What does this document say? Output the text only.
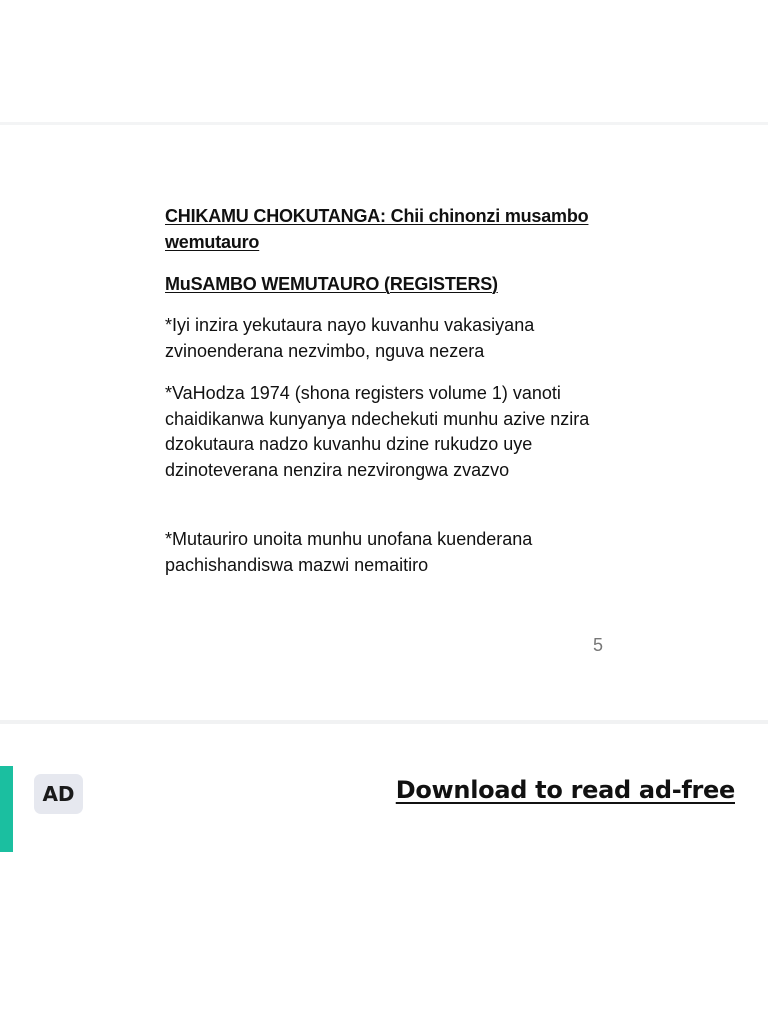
CHIKAMU CHOKUTANGA: Chii chinonzi musambo wemutauro
MuSAMBO WEMUTAURO (REGISTERS)

*Iyi inzira yekutaura nayo kuvanhu vakasiyana zvinoenderana nezvimbo, nguva nezera

*VaHodza 1974 (shona registers volume 1) vanoti chaidikanwa kunyanya ndechekuti munhu azive nzira dzokutaura nadzo kuvanhu dzine rukudzo uye dzinoteverana nenzira nezvirongwa zvazvo

*Mutauriro unoita munhu unofana kuenderana pachishandiswa mazwi nemaitiro

5
AD	Download to read ad-free
